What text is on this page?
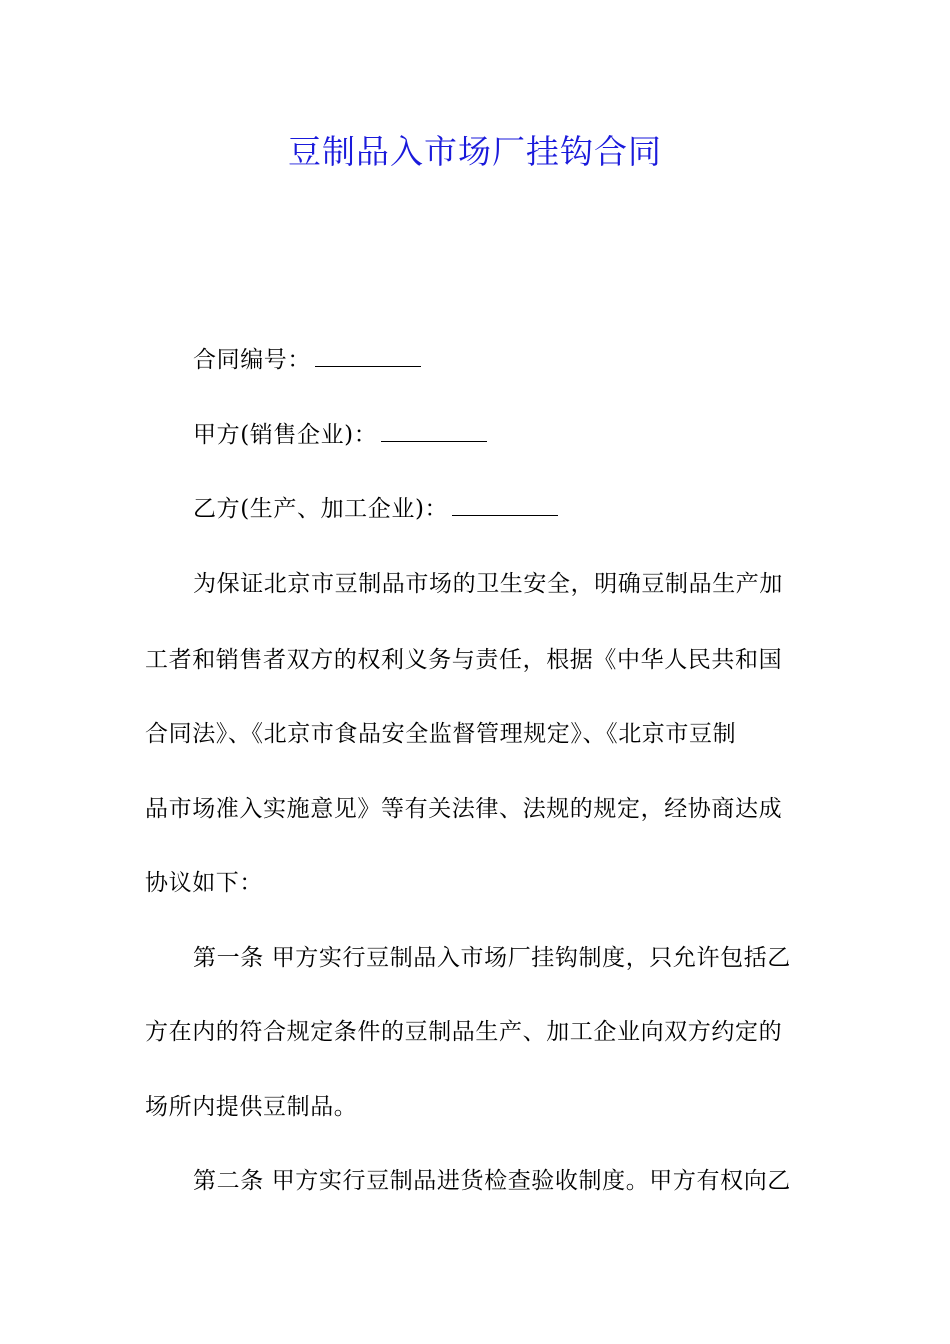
豆制品入市场厂挂钩合同
合同编号：
甲方(销售企业)：
乙方(生产、加工企业)：
为保证北京市豆制品市场的卫生安全，明确豆制品生产加
工者和销售者双方的权利义务与责任，根据《中华人民共和国
合同法》、《北京市食品安全监督管理规定》、《北京市豆制
品市场准入实施意见》等有关法律、法规的规定，经协商达成
协议如下：
第一条 甲方实行豆制品入市场厂挂钩制度，只允许包括乙
方在内的符合规定条件的豆制品生产、加工企业向双方约定的
场所内提供豆制品。
第二条 甲方实行豆制品进货检查验收制度。甲方有权向乙
